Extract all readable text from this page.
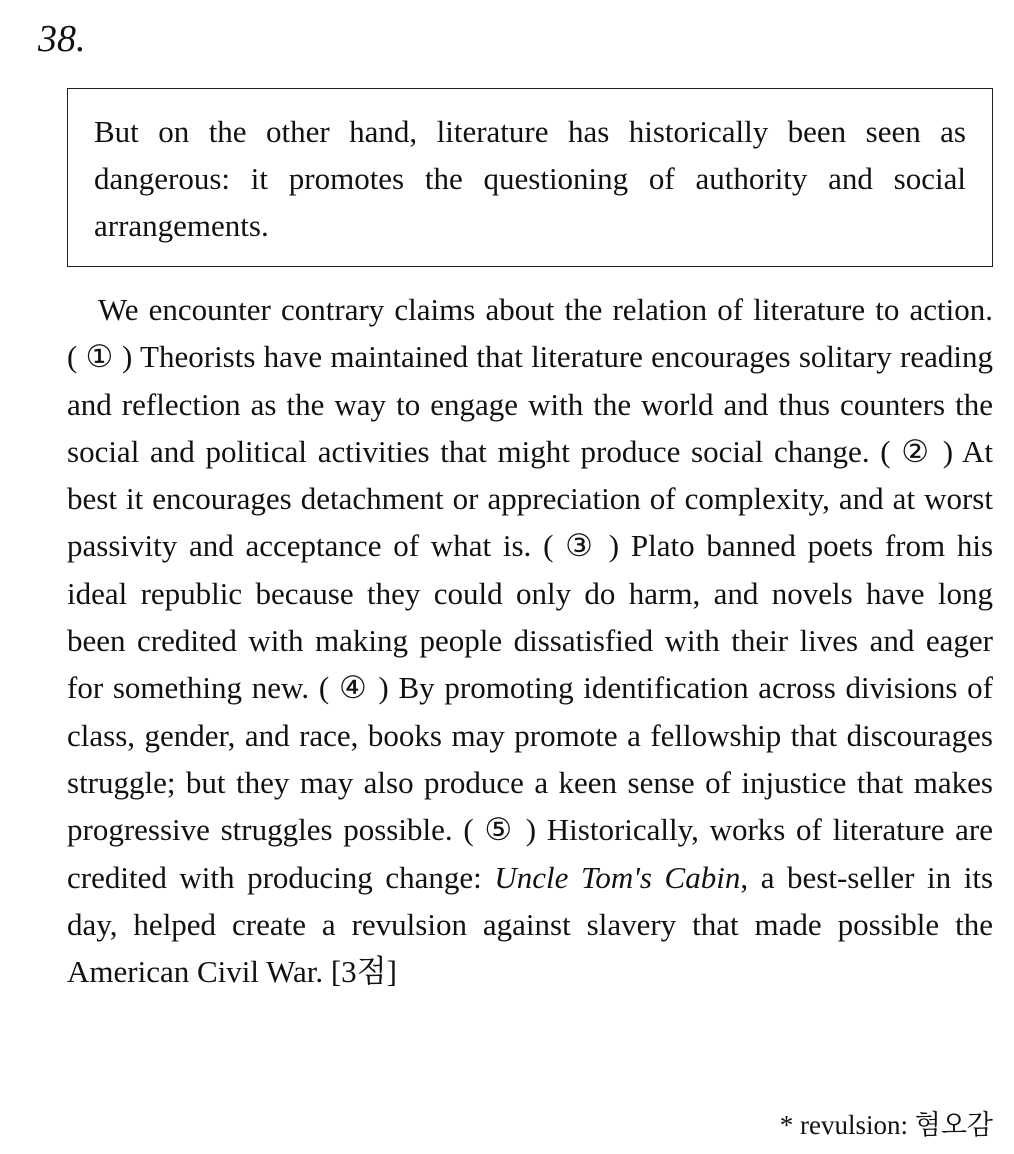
38.

But on the other hand, literature has historically been seen as dangerous: it promotes the questioning of authority and social arrangements.

We encounter contrary claims about the relation of literature to action. ( ① ) Theorists have maintained that literature encourages solitary reading and reflection as the way to engage with the world and thus counters the social and political activities that might produce social change. ( ② ) At best it encourages detachment or appreciation of complexity, and at worst passivity and acceptance of what is. ( ③ ) Plato banned poets from his ideal republic because they could only do harm, and novels have long been credited with making people dissatisfied with their lives and eager for something new. ( ④ ) By promoting identification across divisions of class, gender, and race, books may promote a fellowship that discourages struggle; but they may also produce a keen sense of injustice that makes progressive struggles possible. ( ⑤ ) Historically, works of literature are credited with producing change: Uncle Tom's Cabin, a best-seller in its day, helped create a revulsion against slavery that made possible the American Civil War. [3점]

* revulsion: 혐오감
